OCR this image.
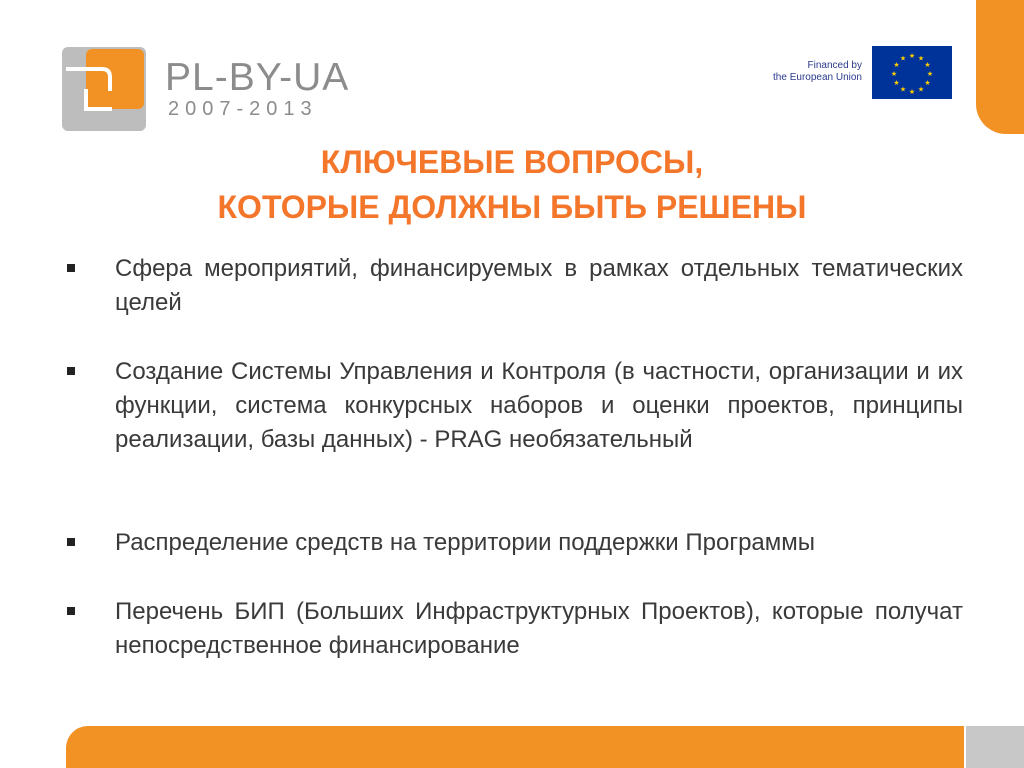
PL-BY-UA
2007-2013
Financed by
the European Union
★ ★
★
★
★
★
★
★
★
★
★
★
КЛЮЧЕВЫЕ ВОПРОСЫ,
КОТОРЫЕ ДОЛЖНЫ БЫТЬ РЕШЕНЫ
Сфера мероприятий, финансируемых в рамках отдельных тематических целей
Создание Системы Управления и Контроля (в частности, организации и их функции, система конкурсных наборов и оценки проектов, принципы реализации, базы данных) - PRAG необязательный
Распределение средств на территории поддержки Программы
Перечень БИП (Больших Инфраструктурных Проектов), которые получат непосредственное финансирование
